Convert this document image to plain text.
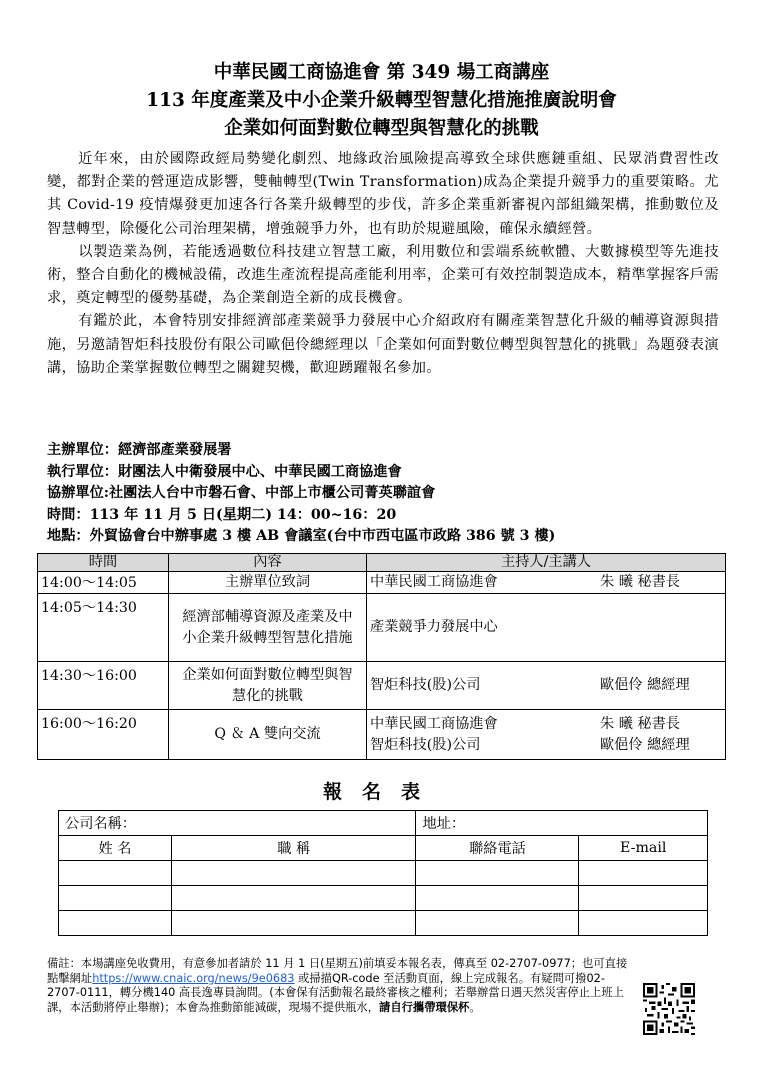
中華民國工商協進會 第 349 場工商講座
113 年度產業及中小企業升級轉型智慧化措施推廣說明會
企業如何面對數位轉型與智慧化的挑戰

近年來，由於國際政經局勢變化劇烈、地緣政治風險提高導致全球供應鏈重組、民眾消費習性改變，都對企業的營運造成影響，雙軸轉型(Twin Transformation)成為企業提升競爭力的重要策略。尤其 Covid-19 疫情爆發更加速各行各業升級轉型的步伐，許多企業重新審視內部組織架構，推動數位及智慧轉型，除優化公司治理架構，增強競爭力外，也有助於規避風險，確保永續經營。

以製造業為例，若能透過數位科技建立智慧工廠，利用數位和雲端系統軟體、大數據模型等先進技術，整合自動化的機械設備，改進生產流程提高產能利用率，企業可有效控制製造成本，精準掌握客戶需求，奠定轉型的優勢基礎，為企業創造全新的成長機會。

有鑑於此，本會特別安排經濟部產業競爭力發展中心介紹政府有關產業智慧化升級的輔導資源與措施，另邀請智炬科技股份有限公司歐俋伶總經理以「企業如何面對數位轉型與智慧化的挑戰」為題發表演講，協助企業掌握數位轉型之關鍵契機，歡迎踴躍報名參加。

主辦單位：經濟部產業發展署
執行單位：財團法人中衛發展中心、中華民國工商協進會
協辦單位:社團法人台中市磐石會、中部上市櫃公司菁英聯誼會
時間：113 年 11 月 5 日(星期二) 14：00~16：20
地點：外貿協會台中辦事處 3 樓 AB 會議室(台中市西屯區市政路 386 號 3 樓)
時間	內容	主持人/主講人
14:00～14:05	主辦單位致詞	中華民國工商協進會 朱 曦 秘書長

14:05～14:30	經濟部輔導資源及產業及中小企業升級轉型智慧化措施	產業競爭力發展中心

14:30～16:00	企業如何面對數位轉型與智慧化的挑戰	智炬科技(股)公司 歐俋伶 總經理

16:00～16:20	Q ＆ A 雙向交流	中華民國工商協進會 朱 曦 秘書長
智炬科技(股)公司 歐俋伶 總經理
報名表
公司名稱：		地址：	
姓 名	職 稱	聯絡電話	E-mail

備註：本場講座免收費用，有意參加者請於 11 月 1 日(星期五)前填妥本報名表，傳真至 02-2707-0977；也可直接點擊網址https://www.cnaic.org/news/9e0683 或掃描QR-code 至活動頁面，線上完成報名。有疑問可撥02-2707-0111，轉分機140 高長逸專員詢問。(本會保有活動報名最終審核之權利；若舉辦當日遇天然災害停止上班上課，本活動將停止舉辦)；本會為推動節能減碳，現場不提供瓶水，請自行攜帶環保杯。
